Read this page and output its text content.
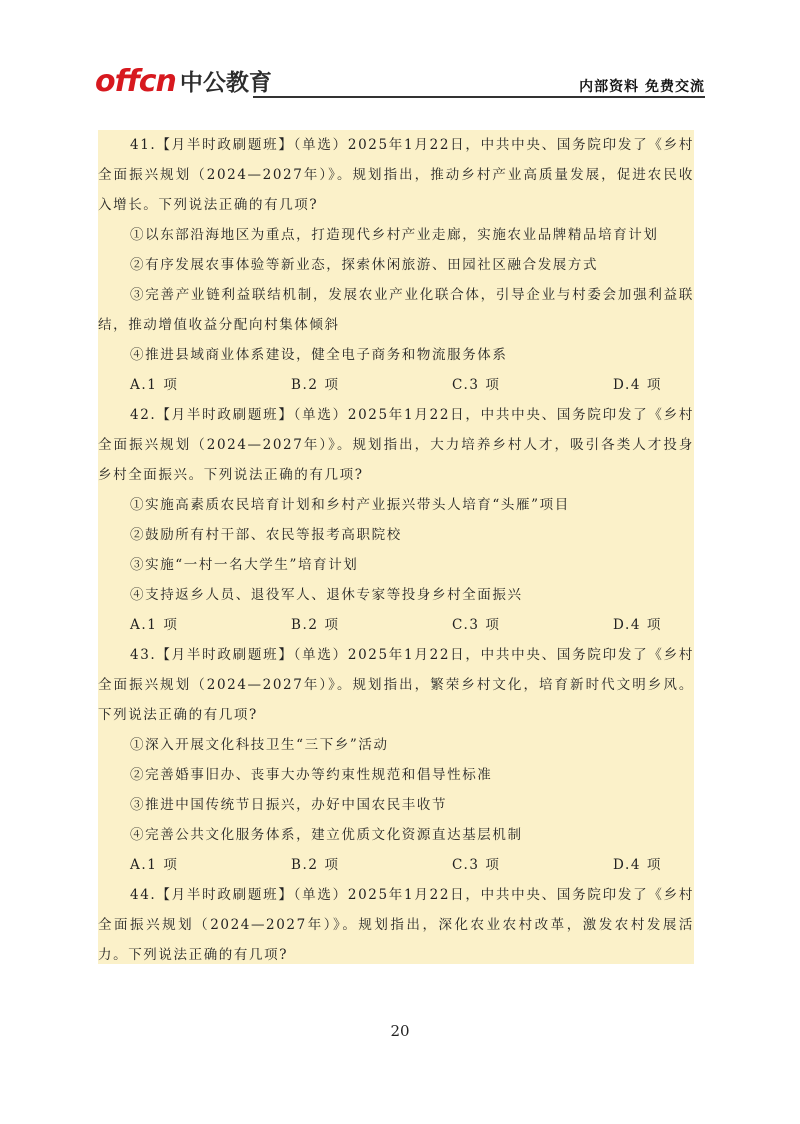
offcn 中公教育	内部资料 免费交流

41.【月半时政刷题班】（单选）2025年1月22日，中共中央、国务院印发了《乡村全面振兴规划（2024—2027年）》。规划指出，推动乡村产业高质量发展，促进农民收入增长。下列说法正确的有几项?

①以东部沿海地区为重点，打造现代乡村产业走廊，实施农业品牌精品培育计划

②有序发展农事体验等新业态，探索休闲旅游、田园社区融合发展方式

③完善产业链利益联结机制，发展农业产业化联合体，引导企业与村委会加强利益联结，推动增值收益分配向村集体倾斜

④推进县域商业体系建设，健全电子商务和物流服务体系

A.1 项	B.2 项	C.3 项	D.4 项

42.【月半时政刷题班】（单选）2025年1月22日，中共中央、国务院印发了《乡村全面振兴规划（2024—2027年）》。规划指出，大力培养乡村人才，吸引各类人才投身乡村全面振兴。下列说法正确的有几项?

①实施高素质农民培育计划和乡村产业振兴带头人培育“头雁”项目

②鼓励所有村干部、农民等报考高职院校

③实施“一村一名大学生”培育计划

④支持返乡人员、退役军人、退休专家等投身乡村全面振兴

A.1 项	B.2 项	C.3 项	D.4 项

43.【月半时政刷题班】（单选）2025年1月22日，中共中央、国务院印发了《乡村全面振兴规划（2024—2027年）》。规划指出，繁荣乡村文化，培育新时代文明乡风。下列说法正确的有几项?

①深入开展文化科技卫生“三下乡”活动

②完善婚事旧办、丧事大办等约束性规范和倡导性标准

③推进中国传统节日振兴，办好中国农民丰收节

④完善公共文化服务体系，建立优质文化资源直达基层机制

A.1 项	B.2 项	C.3 项	D.4 项

44.【月半时政刷题班】（单选）2025年1月22日，中共中央、国务院印发了《乡村全面振兴规划（2024—2027年）》。规划指出，深化农业农村改革，激发农村发展活力。下列说法正确的有几项?

20
